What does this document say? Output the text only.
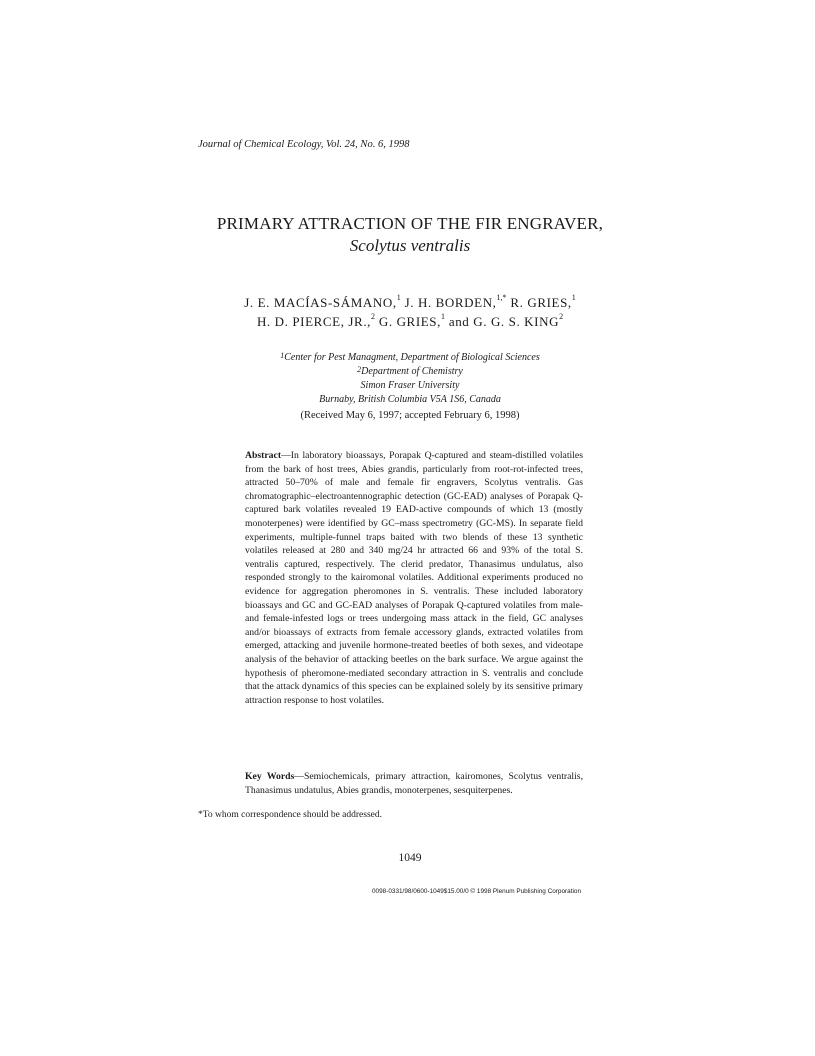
Journal of Chemical Ecology, Vol. 24, No. 6, 1998
PRIMARY ATTRACTION OF THE FIR ENGRAVER,
Scolytus ventralis
J. E. MACÍAS-SÁMANO,$^1$ J. H. BORDEN,$^{1,*}$ R. GRIES,$^1$
H. D. PIERCE, JR.,$^2$ G. GRIES,$^1$ and G. G. S. KING$^2$
$^1$Center for Pest Managment, Department of Biological Sciences
$^2$Department of Chemistry
Simon Fraser University
Burnaby, British Columbia V5A 1S6, Canada
(Received May 6, 1997; accepted February 6, 1998)
Abstract—In laboratory bioassays, Porapak Q-captured and steam-distilled volatiles from the bark of host trees, Abies grandis, particularly from root-rot-infected trees, attracted 50–70% of male and female fir engravers, Scolytus ventralis. Gas chromatographic–electroantennographic detection (GC-EAD) analyses of Porapak Q-captured bark volatiles revealed 19 EAD-active compounds of which 13 (mostly monoterpenes) were identified by GC–mass spectrometry (GC-MS). In separate field experiments, multiple-funnel traps baited with two blends of these 13 synthetic volatiles released at 280 and 340 mg/24 hr attracted 66 and 93% of the total S. ventralis captured, respectively. The clerid predator, Thanasimus undulatus, also responded strongly to the kairomonal volatiles. Additional experiments produced no evidence for aggregation pheromones in S. ventralis. These included laboratory bioassays and GC and GC-EAD analyses of Porapak Q-captured volatiles from male- and female-infested logs or trees undergoing mass attack in the field, GC analyses and/or bioassays of extracts from female accessory glands, extracted volatiles from emerged, attacking and juvenile hormone-treated beetles of both sexes, and videotape analysis of the behavior of attacking beetles on the bark surface. We argue against the hypothesis of pheromone-mediated secondary attraction in S. ventralis and conclude that the attack dynamics of this species can be explained solely by its sensitive primary attraction response to host volatiles.
Key Words—Semiochemicals, primary attraction, kairomones, Scolytus ventralis, Thanasimus undatulus, Abies grandis, monoterpenes, sesquiterpenes.
*To whom correspondence should be addressed.
1049
0098-0331/98/0600-1049$15.00/0 © 1998 Plenum Publishing Corporation
